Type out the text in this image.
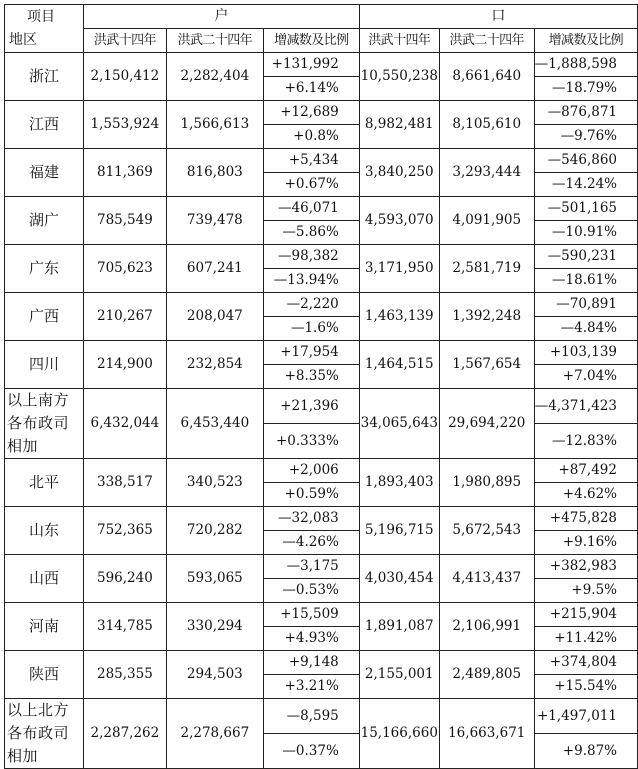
项目
地区	户			口		
	洪武十四年	洪武二十四年	增减数及比例	洪武十四年	洪武二十四年	增减数及比例
浙江	2,150,412	2,282,404	+131,992	10,550,238	8,661,640	—1,888,598
			+6.14%			—18.79%
江西	1,553,924	1,566,613	+12,689	8,982,481	8,105,610	—876,871
			+0.8%			—9.76%
福建	811,369	816,803	+5,434	3,840,250	3,293,444	—546,860
			+0.67%			—14.24%
湖广	785,549	739,478	—46,071	4,593,070	4,091,905	—501,165
			—5.86%			—10.91%
广东	705,623	607,241	—98,382	3,171,950	2,581,719	—590,231
			—13.94%			—18.61%
广西	210,267	208,047	—2,220	1,463,139	1,392,248	—70,891
			—1.6%			—4.84%
四川	214,900	232,854	+17,954	1,464,515	1,567,654	+103,139
			+8.35%			+7.04%
以上南方各布政司相加	6,432,044	6,453,440	+21,396	34,065,643	29,694,220	—4,371,423
			+0.333%			—12.83%
北平	338,517	340,523	+2,006	1,893,403	1,980,895	+87,492
			+0.59%			+4.62%
山东	752,365	720,282	—32,083	5,196,715	5,672,543	+475,828
			—4.26%			+9.16%
山西	596,240	593,065	—3,175	4,030,454	4,413,437	+382,983
			—0.53%			+9.5%
河南	314,785	330,294	+15,509	1,891,087	2,106,991	+215,904
			+4.93%			+11.42%
陕西	285,355	294,503	+9,148	2,155,001	2,489,805	+374,804
			+3.21%			+15.54%
以上北方各布政司相加	2,287,262	2,278,667	—8,595	15,166,660	16,663,671	+1,497,011
			—0.37%			+9.87%
